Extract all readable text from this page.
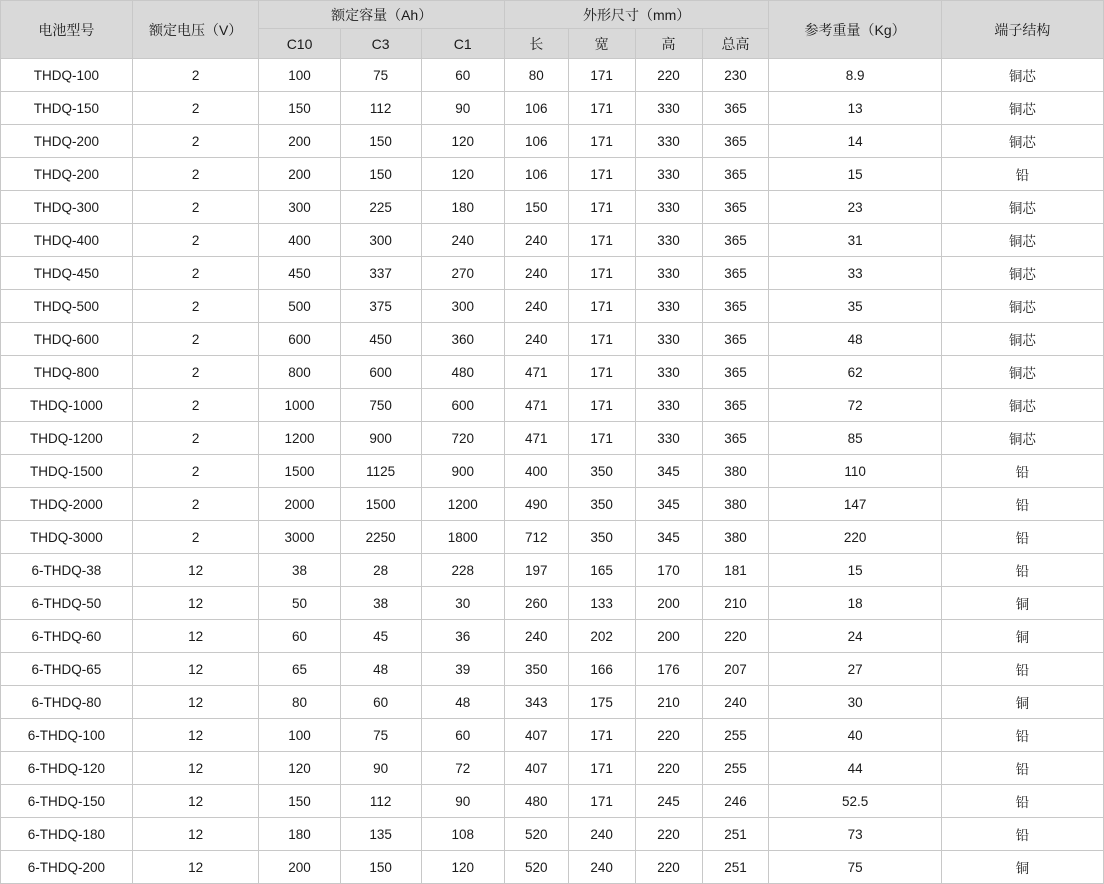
电池型号	额定电压（V）	额定容量（Ah）			外形尺寸（mm）				参考重量（Kg）	端子结构
		C10	C3	C1	长	宽	高	总高		
THDQ-100	2	100	75	60	80	171	220	230	8.9	铜芯
THDQ-150	2	150	112	90	106	171	330	365	13	铜芯
THDQ-200	2	200	150	120	106	171	330	365	14	铜芯
THDQ-200	2	200	150	120	106	171	330	365	15	铅
THDQ-300	2	300	225	180	150	171	330	365	23	铜芯
THDQ-400	2	400	300	240	240	171	330	365	31	铜芯
THDQ-450	2	450	337	270	240	171	330	365	33	铜芯
THDQ-500	2	500	375	300	240	171	330	365	35	铜芯
THDQ-600	2	600	450	360	240	171	330	365	48	铜芯
THDQ-800	2	800	600	480	471	171	330	365	62	铜芯
THDQ-1000	2	1000	750	600	471	171	330	365	72	铜芯
THDQ-1200	2	1200	900	720	471	171	330	365	85	铜芯
THDQ-1500	2	1500	1125	900	400	350	345	380	110	铅
THDQ-2000	2	2000	1500	1200	490	350	345	380	147	铅
THDQ-3000	2	3000	2250	1800	712	350	345	380	220	铅
6-THDQ-38	12	38	28	228	197	165	170	181	15	铅
6-THDQ-50	12	50	38	30	260	133	200	210	18	铜
6-THDQ-60	12	60	45	36	240	202	200	220	24	铜
6-THDQ-65	12	65	48	39	350	166	176	207	27	铅
6-THDQ-80	12	80	60	48	343	175	210	240	30	铜
6-THDQ-100	12	100	75	60	407	171	220	255	40	铅
6-THDQ-120	12	120	90	72	407	171	220	255	44	铅
6-THDQ-150	12	150	112	90	480	171	245	246	52.5	铅
6-THDQ-180	12	180	135	108	520	240	220	251	73	铅
6-THDQ-200	12	200	150	120	520	240	220	251	75	铜
